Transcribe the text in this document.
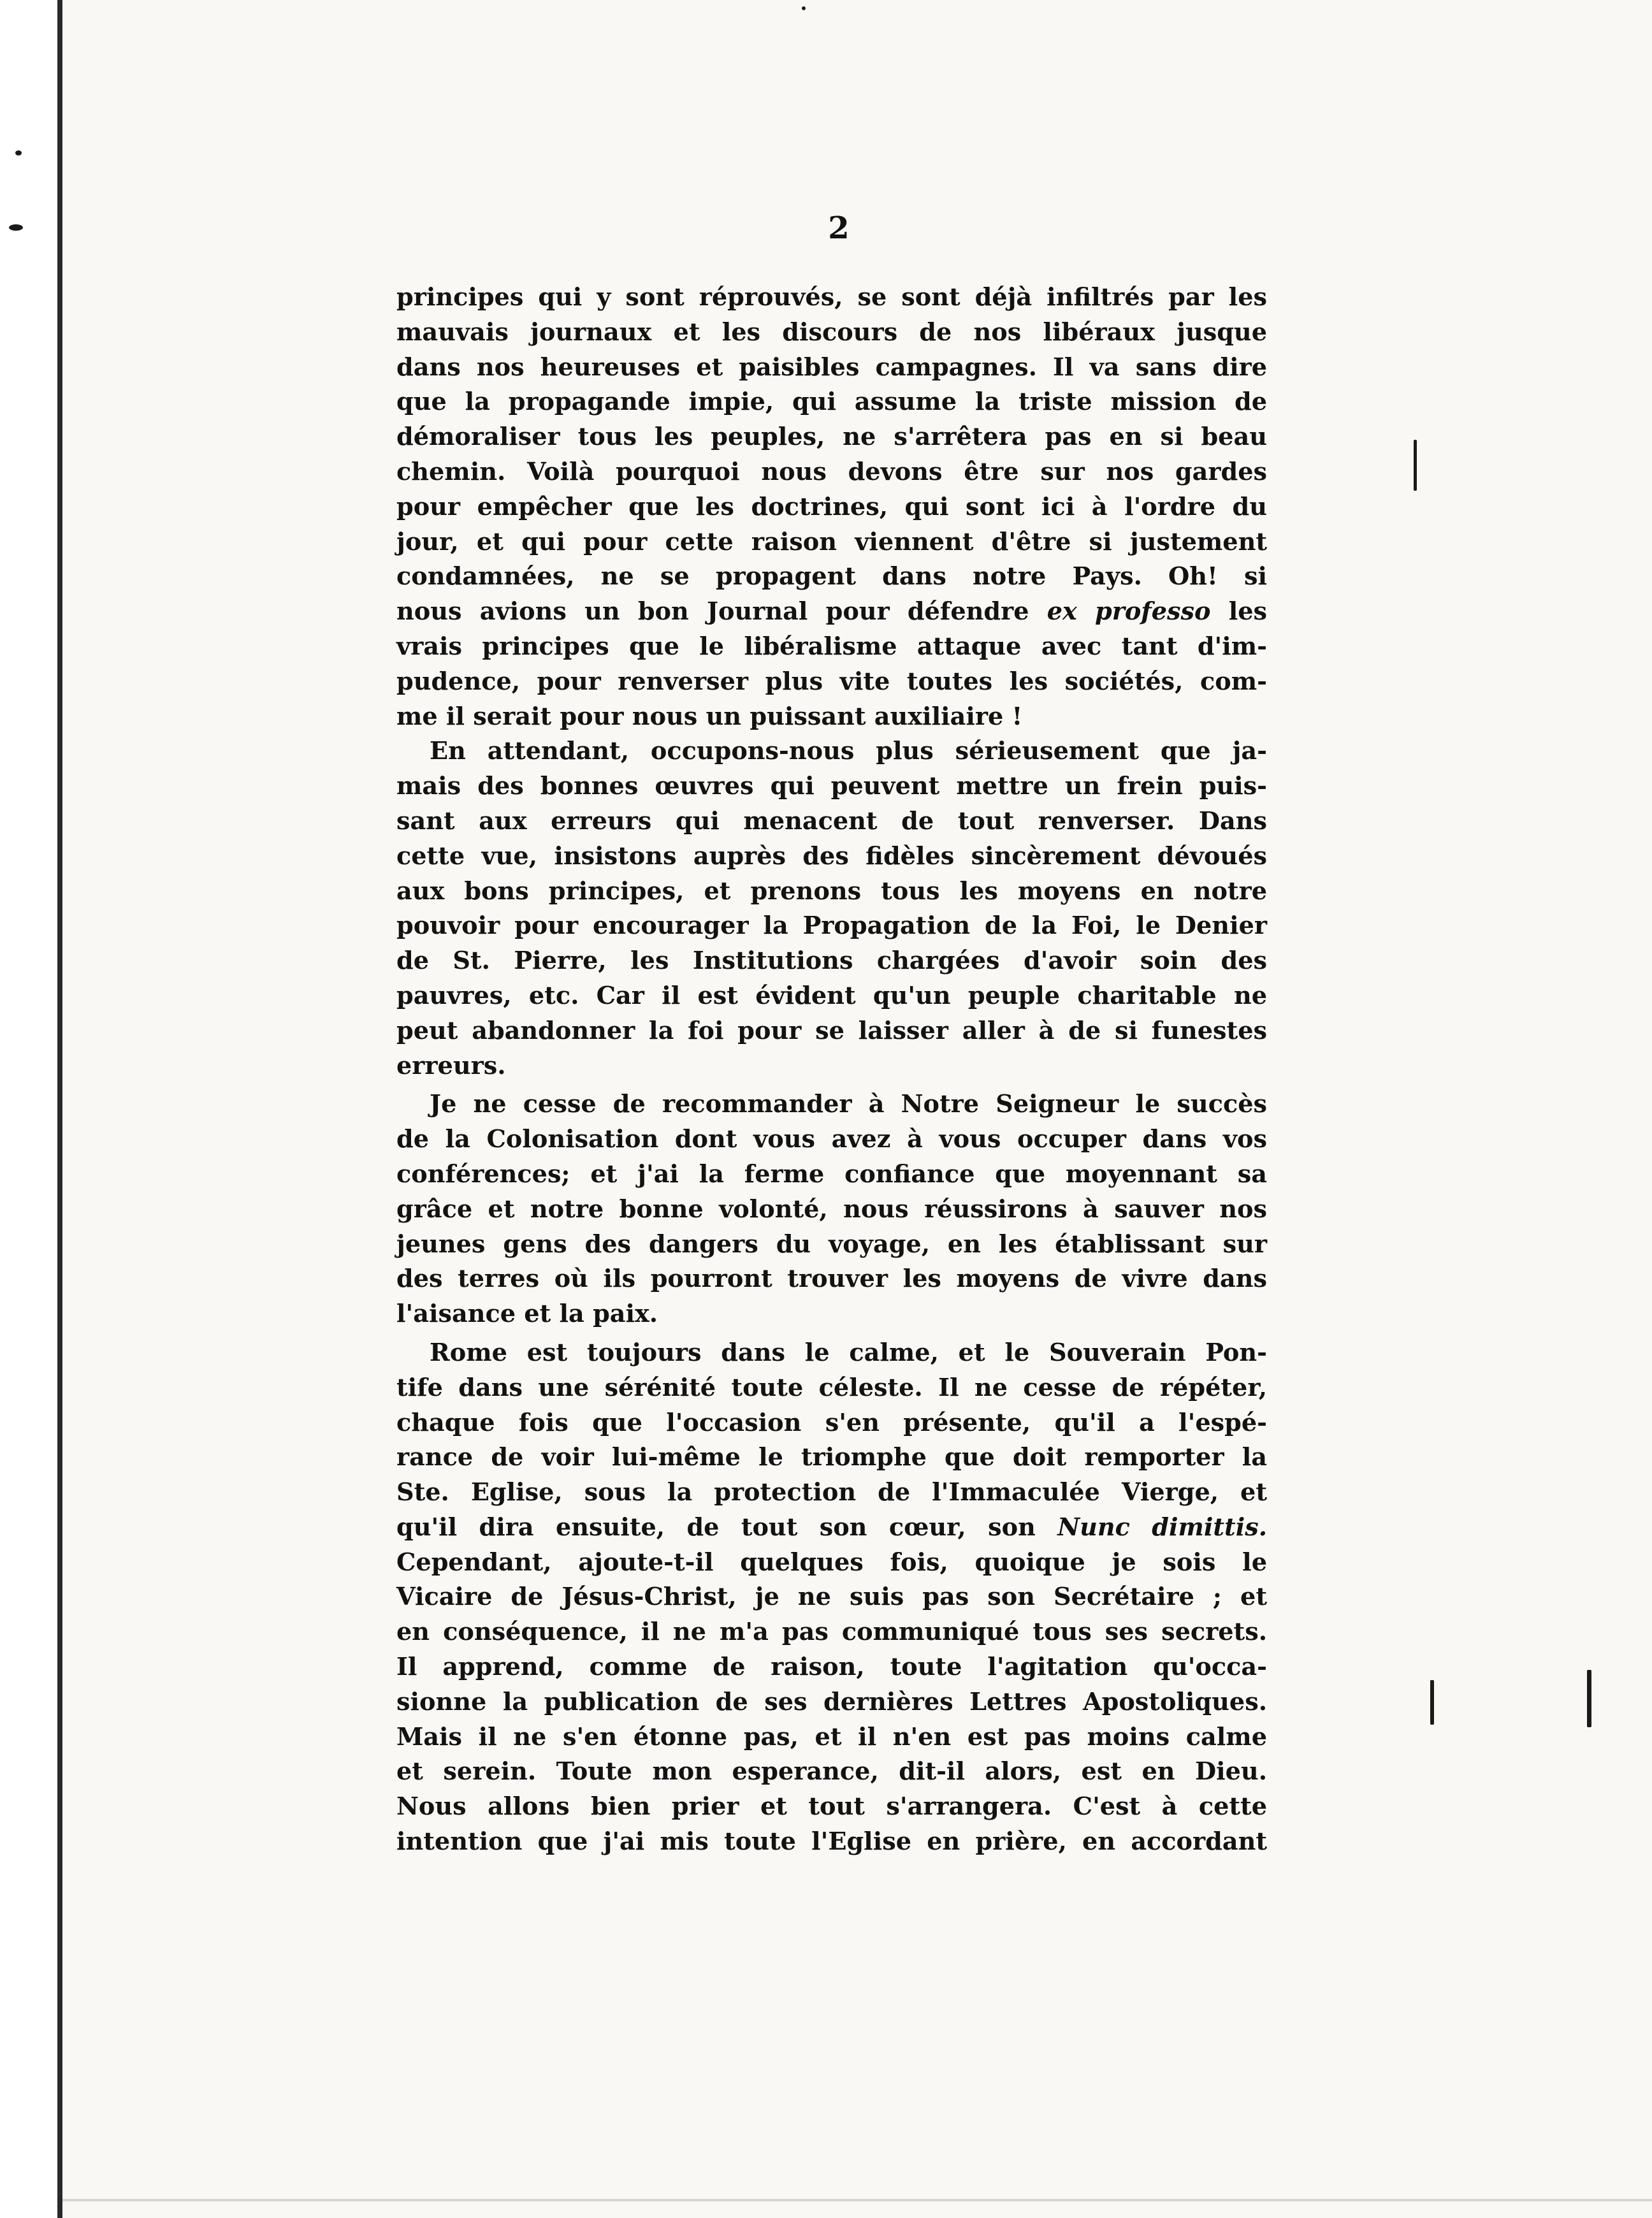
2
principes qui y sont réprouvés, se sont déjà infiltrés par les
mauvais journaux et les discours de nos libéraux jusque
dans nos heureuses et paisibles campagnes. Il va sans dire
que la propagande impie, qui assume la triste mission de
démoraliser tous les peuples, ne s'arrêtera pas en si beau
chemin. Voilà pourquoi nous devons être sur nos gardes
pour empêcher que les doctrines, qui sont ici à l'ordre du
jour, et qui pour cette raison viennent d'être si justement
condamnées, ne se propagent dans notre Pays. Oh! si
nous avions un bon Journal pour défendre ex professo les
vrais principes que le libéralisme attaque avec tant d'im-
pudence, pour renverser plus vite toutes les sociétés, com-
me il serait pour nous un puissant auxiliaire !
En attendant, occupons-nous plus sérieusement que ja-
mais des bonnes œuvres qui peuvent mettre un frein puis-
sant aux erreurs qui menacent de tout renverser. Dans
cette vue, insistons auprès des fidèles sincèrement dévoués
aux bons principes, et prenons tous les moyens en notre
pouvoir pour encourager la Propagation de la Foi, le Denier
de St. Pierre, les Institutions chargées d'avoir soin des
pauvres, etc. Car il est évident qu'un peuple charitable ne
peut abandonner la foi pour se laisser aller à de si funestes
erreurs.
Je ne cesse de recommander à Notre Seigneur le succès
de la Colonisation dont vous avez à vous occuper dans vos
conférences; et j'ai la ferme confiance que moyennant sa
grâce et notre bonne volonté, nous réussirons à sauver nos
jeunes gens des dangers du voyage, en les établissant sur
des terres où ils pourront trouver les moyens de vivre dans
l'aisance et la paix.
Rome est toujours dans le calme, et le Souverain Pon-
tife dans une sérénité toute céleste. Il ne cesse de répéter,
chaque fois que l'occasion s'en présente, qu'il a l'espé-
rance de voir lui-même le triomphe que doit remporter la
Ste. Eglise, sous la protection de l'Immaculée Vierge, et
qu'il dira ensuite, de tout son cœur, son Nunc dimittis.
Cependant, ajoute-t-il quelques fois, quoique je sois le
Vicaire de Jésus-Christ, je ne suis pas son Secrétaire ; et
en conséquence, il ne m'a pas communiqué tous ses secrets.
Il apprend, comme de raison, toute l'agitation qu'occa-
sionne la publication de ses dernières Lettres Apostoliques.
Mais il ne s'en étonne pas, et il n'en est pas moins calme
et serein. Toute mon esperance, dit-il alors, est en Dieu.
Nous allons bien prier et tout s'arrangera. C'est à cette
intention que j'ai mis toute l'Eglise en prière, en accordant
